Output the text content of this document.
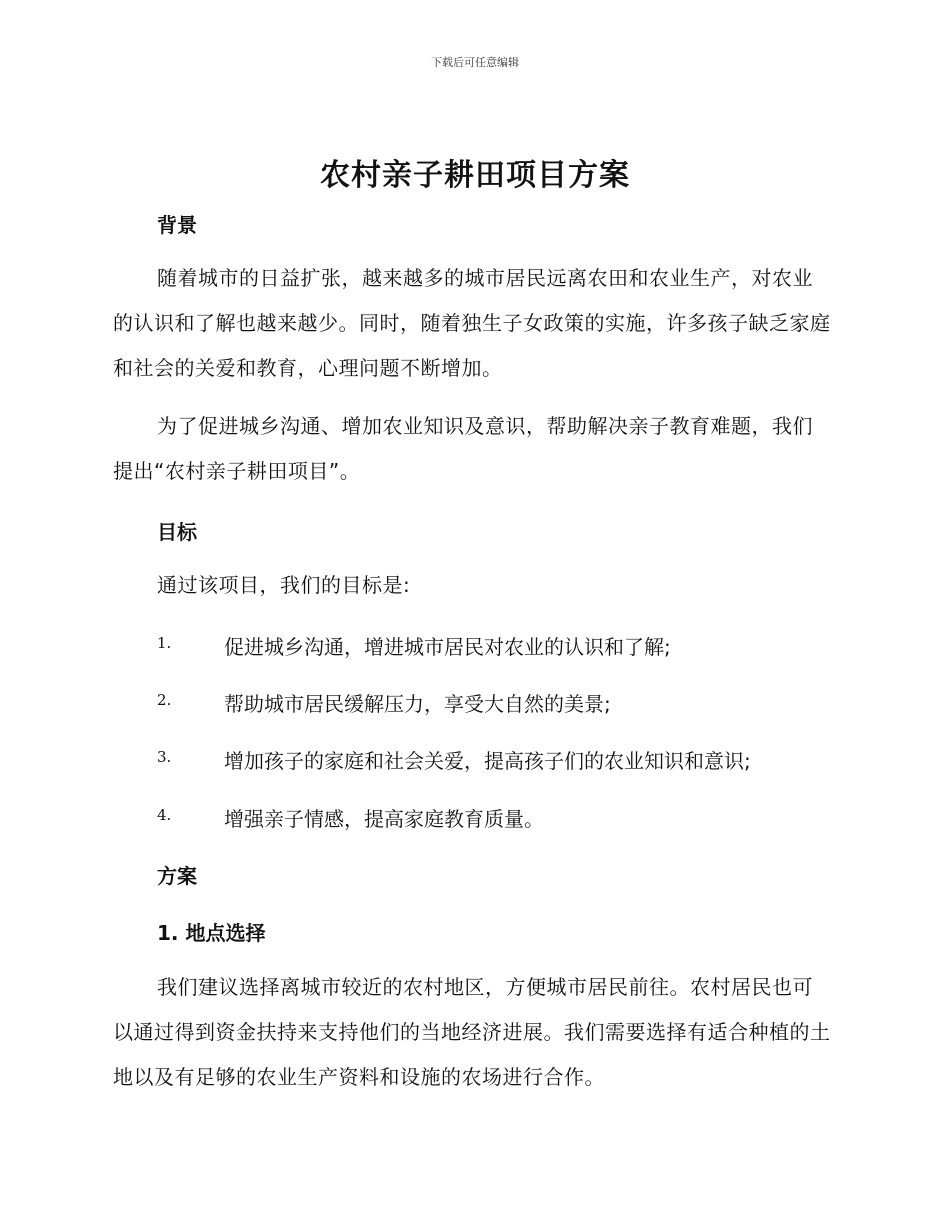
下载后可任意编辑
农村亲子耕田项目方案
背景
随着城市的日益扩张，越来越多的城市居民远离农田和农业生产，对农业的认识和了解也越来越少。同时，随着独生子女政策的实施，许多孩子缺乏家庭和社会的关爱和教育，心理问题不断增加。
为了促进城乡沟通、增加农业知识及意识，帮助解决亲子教育难题，我们提出“农村亲子耕田项目”。
目标
通过该项目，我们的目标是:
1.	促进城乡沟通，增进城市居民对农业的认识和了解;
2.	帮助城市居民缓解压力，享受大自然的美景;
3.	增加孩子的家庭和社会关爱，提高孩子们的农业知识和意识;
4.	增强亲子情感，提高家庭教育质量。
方案
1. 地点选择
我们建议选择离城市较近的农村地区，方便城市居民前往。农村居民也可以通过得到资金扶持来支持他们的当地经济进展。我们需要选择有适合种植的土地以及有足够的农业生产资料和设施的农场进行合作。
